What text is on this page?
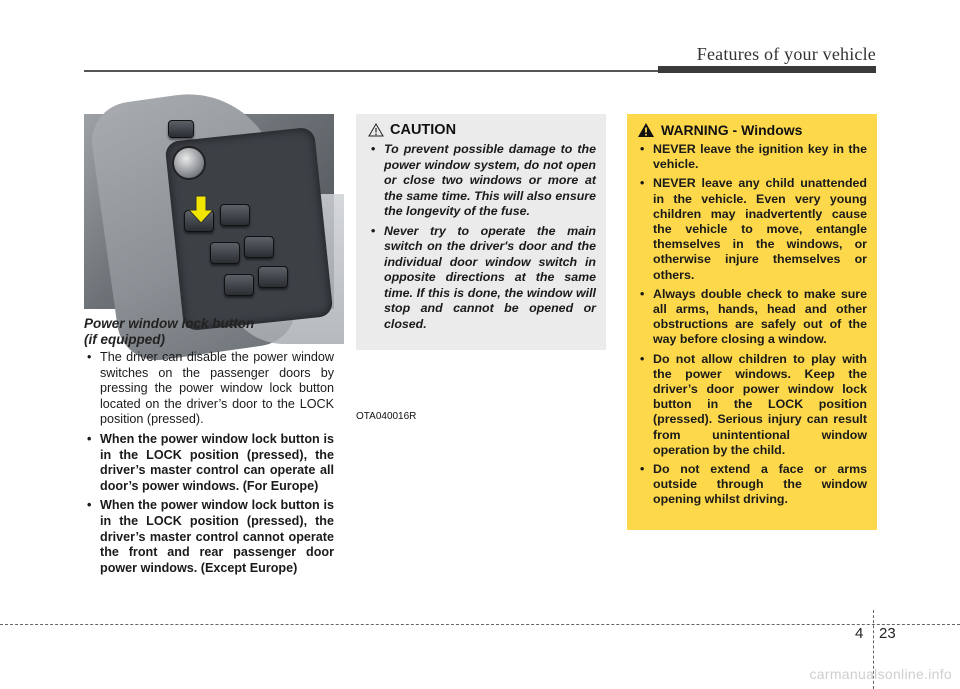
Features of your vehicle
OTA040016R
Power window lock button
(if equipped)
• The driver can disable the power window switches on the passenger doors by pressing the power window lock button located on the driver’s door to the LOCK position (pressed).
• When the power window lock button is in the LOCK position (pressed), the driver’s master control can operate all door’s power windows. (For Europe)
• When the power window lock button is in the LOCK position (pressed), the driver’s master control cannot operate the front and rear passenger door power windows. (Except Europe)
CAUTION
• To prevent possible damage to the power window system, do not open or close two windows or more at the same time. This will also ensure the longevity of the fuse.
• Never try to operate the main switch on the driver's door and the individual door window switch in opposite directions at the same time. If this is done, the window will stop and cannot be opened or closed.
WARNING - Windows
• NEVER leave the ignition key in the vehicle.
• NEVER leave any child unattended in the vehicle. Even very young children may inadvertently cause the vehicle to move, entangle themselves in the windows, or otherwise injure themselves or others.
• Always double check to make sure all arms, hands, head and other obstructions are safely out of the way before closing a window.
• Do not allow children to play with the power windows. Keep the driver’s door power window lock button in the LOCK position (pressed). Serious injury can result from unintentional window operation by the child.
• Do not extend a face or arms outside through the window opening whilst driving.
4 23
carmanualsonline.info
